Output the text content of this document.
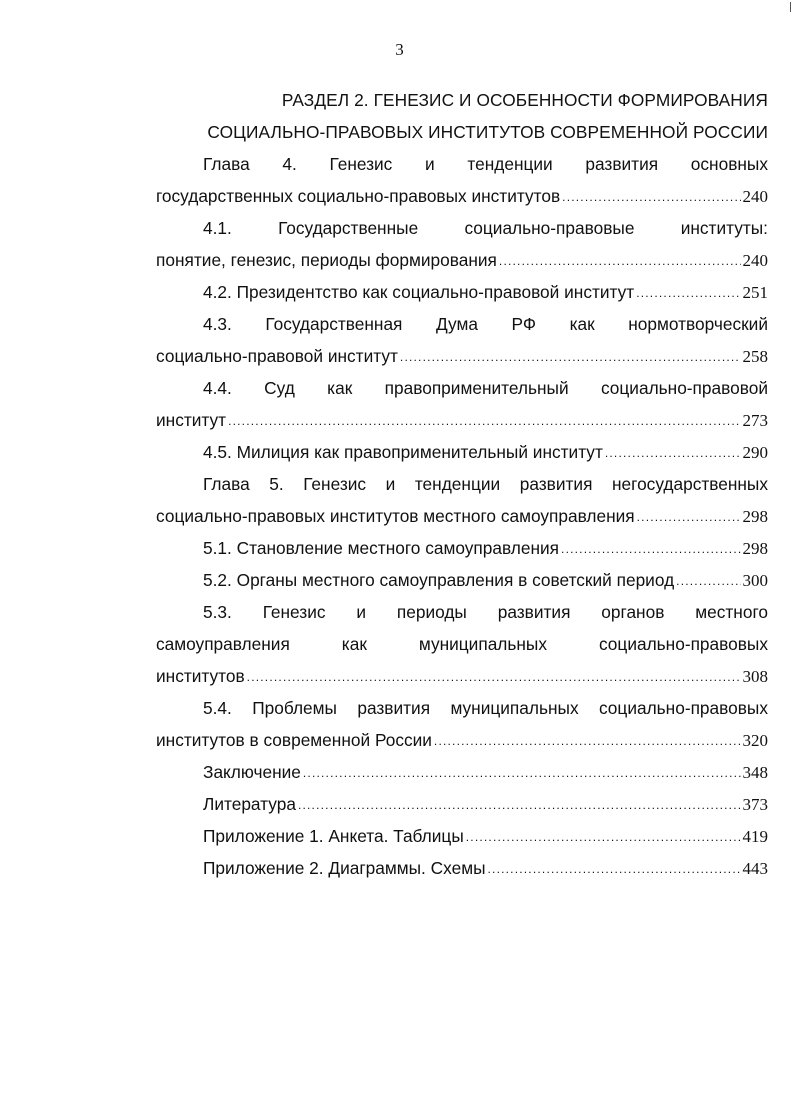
3
РАЗДЕЛ 2. ГЕНЕЗИС И ОСОБЕННОСТИ ФОРМИРОВАНИЯ
СОЦИАЛЬНО-ПРАВОВЫХ ИНСТИТУТОВ СОВРЕМЕННОЙ РОССИИ
Глава 4. Генезис и тенденции развития основных
государственных социально-правовых институтов .....	240
4.1. Государственные социально-правовые институты:
понятие, генезис, периоды формирования .....	240
4.2. Президентство как социально-правовой институт .....	251
4.3. Государственная Дума РФ как нормотворческий
социально-правовой институт .....	258
4.4. Суд как правоприменительный социально-правовой
институт .....	273
4.5. Милиция как правоприменительный институт .....	290
Глава 5. Генезис и тенденции развития негосударственных
социально-правовых институтов местного самоуправления .....	298
5.1. Становление местного самоуправления .....	298
5.2. Органы местного самоуправления в советский период .....	300
5.3. Генезис и периоды развития органов местного
самоуправления как муниципальных социально-правовых
институтов .....	308
5.4. Проблемы развития муниципальных социально-правовых
институтов в современной России .....	320
Заключение .....	348
Литература .....	373
Приложение 1. Анкета. Таблицы .....	419
Приложение 2. Диаграммы. Схемы .....	443
